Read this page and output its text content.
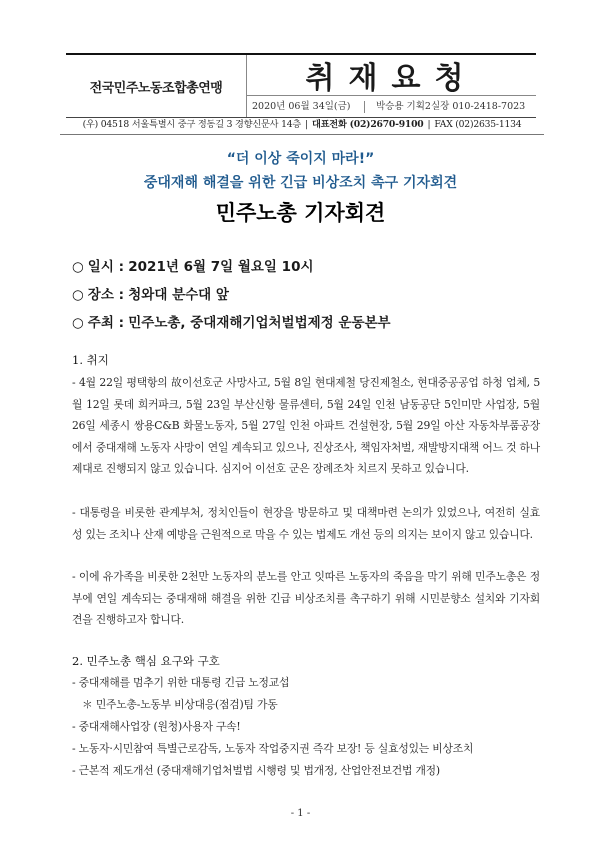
전국민주노동조합총연맹	취재요청
2020년 06월 34일(금)	박승용 기획2실장 010-2418-7023
(우) 04518 서울특별시 중구 정동길 3 경향신문사 14층 | 대표전화 (02)2670-9100 | FAX (02)2635-1134
“더 이상 죽이지 마라!”
중대재해 해결을 위한 긴급 비상조치 촉구 기자회견
민주노총 기자회견
○ 일시 : 2021년 6월 7일 월요일 10시
○ 장소 : 청와대 분수대 앞
○ 주최 : 민주노총, 중대재해기업처벌법제정 운동본부
1. 취지
- 4월 22일 평택항의 故이선호군 사망사고, 5월 8일 현대제철 당진제철소, 현대중공공업 하청 업체, 5월 12일 롯데 희커파크, 5월 23일 부산신항 물류센터, 5월 24일 인천 남동공단 5인미만 사업장, 5월 26일 세종시 쌍용C&B 화물노동자, 5월 27일 인천 아파트 건설현장, 5월 29일 아산 자동차부품공장에서 중대재해 노동자 사망이 연일 계속되고 있으나, 진상조사, 책임자처벌, 재발방지대책 어느 것 하나 제대로 진행되지 않고 있습니다. 심지어 이선호 군은 장례조차 치르지 못하고 있습니다.
- 대통령을 비롯한 관계부처, 정치인들이 현장을 방문하고 및 대책마련 논의가 있었으나, 여전히 실효성 있는 조치나 산재 예방을 근원적으로 막을 수 있는 법제도 개선 등의 의지는 보이지 않고 있습니다.
- 이에 유가족을 비롯한 2천만 노동자의 분노를 안고 잇따른 노동자의 죽음을 막기 위해 민주노총은 정부에 연일 계속되는 중대재해 해결을 위한 긴급 비상조치를 촉구하기 위해 시민분향소 설치와 기자회견을 진행하고자 합니다.
2. 민주노총 핵심 요구와 구호
- 중대재해를 멈추기 위한 대통령 긴급 노정교섭
＊ 민주노총-노동부 비상대응(점검)팀 가동
- 중대재해사업장 (원청)사용자 구속!
- 노동자·시민참여 특별근로감독, 노동자 작업중지권 즉각 보장! 등 실효성있는 비상조치
- 근본적 제도개선 (중대재해기업처벌법 시행령 및 법개정, 산업안전보건법 개정)
- 1 -
